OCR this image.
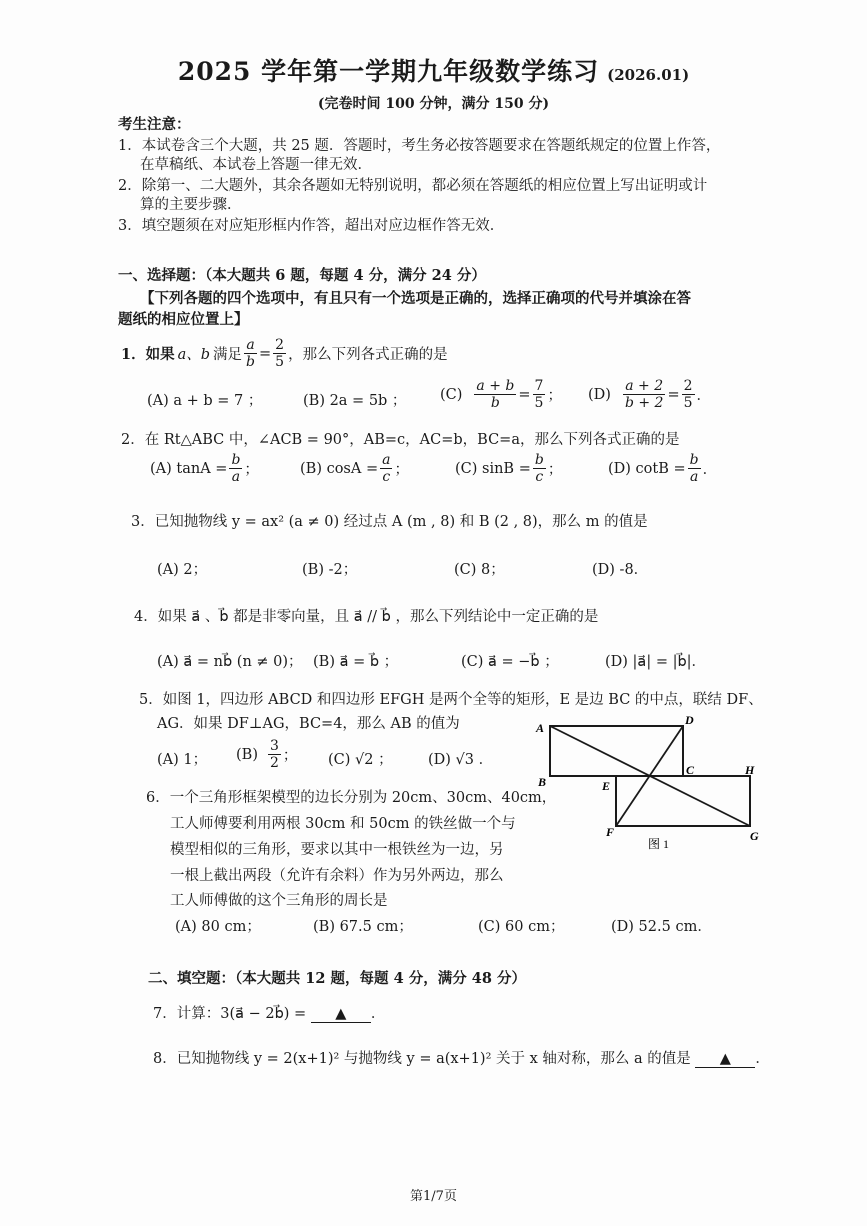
2025 学年第一学期九年级数学练习 (2026.01)
(完卷时间 100 分钟，满分 150 分)
考生注意：
1．本试卷含三个大题，共 25 题．答题时，考生务必按答题要求在答题纸规定的位置上作答，
在草稿纸、本试卷上答题一律无效．
2．除第一、二大题外，其余各题如无特别说明，都必须在答题纸的相应位置上写出证明或计
算的主要步骤．
3．填空题须在对应矩形框内作答，超出对应边框作答无效．
一、选择题：（本大题共 6 题，每题 4 分，满分 24 分）
【下列各题的四个选项中，有且只有一个选项是正确的，选择正确项的代号并填涂在答
题纸的相应位置上】
1．如果 a、b 满足 $\frac{a}{b} = \frac{2}{5}$ ，那么下列各式正确的是
(A) a + b = 7 ；	(B) 2a = 5b ； $(C) \frac{a + b}{b} = \frac{7}{5}$ ； $(D) \frac{a + 2}{b + 2} = \frac{2}{5}$ ．
2．在 Rt△ABC 中，∠ACB = 90°，AB=c，AC=b，BC=a，那么下列各式正确的是
(A) $\tan A = \frac{b}{a}$ ；	(B) $\cos A = \frac{a}{c}$ ；	(C) $\sin B = \frac{b}{c}$ ；	(D) $\cot B = \frac{b}{a}$ ．
3．已知抛物线 y = ax² (a ≠ 0) 经过点 A (m , 8) 和 B (2 , 8)，那么 m 的值是
(A) 2；	(B) -2；	(C) 8；	(D) -8．
4．如果 a⃗ 、b⃗ 都是非零向量，且 a⃗ // b⃗ ，那么下列结论中一定正确的是
(A) a⃗ = nb⃗ (n ≠ 0)； (B) a⃗ = b⃗ ；	(C) a⃗ = −b⃗ ；	(D) |a⃗| = |b⃗|．
5．如图 1，四边形 ABCD 和四边形 EFGH 是两个全等的矩形，E 是边 BC 的中点，联结 DF、
AG．如果 DF⊥AG，BC=4，那么 AB 的值为
(A) 1； $(B) \frac{3}{2}$ ； (C) √2 ； (D) √3 ．
A
D
B
C
E
H
F	G
图 1
6．一个三角形框架模型的边长分别为 20cm、30cm、40cm，
工人师傅要利用两根 30cm 和 50cm 的铁丝做一个与
模型相似的三角形，要求以其中一根铁丝为一边，另
一根上截出两段（允许有余料）作为另外两边，那么
工人师傅做的这个三角形的周长是
(A) 80 cm；	(B) 67.5 cm；	(C) 60 cm；	(D) 52.5 cm．
二、填空题：（本大题共 12 题，每题 4 分，满分 48 分）
7．计算：3(a⃗ − 2b⃗) = ▲ ．
8．已知抛物线 y = 2(x+1)² 与抛物线 y = a(x+1)² 关于 x 轴对称，那么 a 的值是 ▲ ．
第1/7页
